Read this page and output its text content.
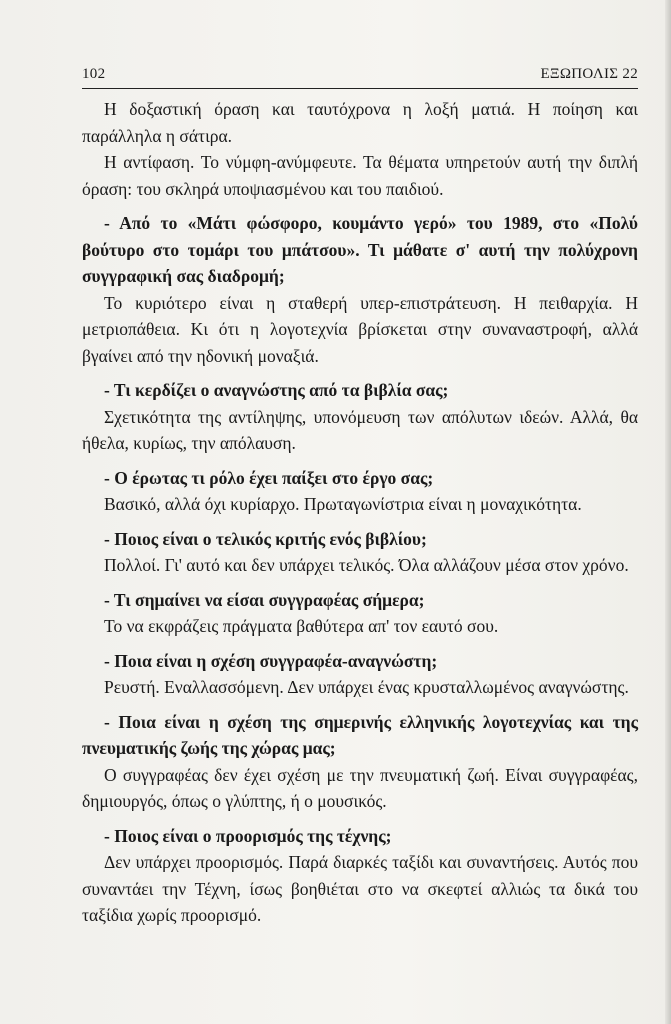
102	ΕΞΩΠΟΛΙΣ 22

Η δοξαστική όραση και ταυτόχρονα η λοξή ματιά. Η ποίηση και παράλληλα η σάτιρα.

Η αντίφαση. Το νύμφη-ανύμφευτε. Τα θέματα υπηρετούν αυτή την διπλή όραση: του σκληρά υποψιασμένου και του παιδιού.

- Από το «Μάτι φώσφορο, κουμάντο γερό» του 1989, στο «Πολύ βούτυρο στο τομάρι του μπάτσου». Τι μάθατε σ' αυτή την πολύχρονη συγγραφική σας διαδρομή;

Το κυριότερο είναι η σταθερή υπερ-επιστράτευση. Η πειθαρχία. Η μετριοπάθεια. Κι ότι η λογοτεχνία βρίσκεται στην συναναστροφή, αλλά βγαίνει από την ηδονική μοναξιά.

- Τι κερδίζει ο αναγνώστης από τα βιβλία σας;

Σχετικότητα της αντίληψης, υπονόμευση των απόλυτων ιδεών. Αλλά, θα ήθελα, κυρίως, την απόλαυση.

- Ο έρωτας τι ρόλο έχει παίξει στο έργο σας;

Βασικό, αλλά όχι κυρίαρχο. Πρωταγωνίστρια είναι η μοναχικότητα.

- Ποιος είναι ο τελικός κριτής ενός βιβλίου;

Πολλοί. Γι' αυτό και δεν υπάρχει τελικός. Όλα αλλάζουν μέσα στον χρόνο.

- Τι σημαίνει να είσαι συγγραφέας σήμερα;

Το να εκφράζεις πράγματα βαθύτερα απ' τον εαυτό σου.

- Ποια είναι η σχέση συγγραφέα-αναγνώστη;

Ρευστή. Εναλλασσόμενη. Δεν υπάρχει ένας κρυσταλλωμένος αναγνώστης.

- Ποια είναι η σχέση της σημερινής ελληνικής λογοτεχνίας και της πνευματικής ζωής της χώρας μας;

Ο συγγραφέας δεν έχει σχέση με την πνευματική ζωή. Είναι συγγραφέας, δημιουργός, όπως ο γλύπτης, ή ο μουσικός.

- Ποιος είναι ο προορισμός της τέχνης;

Δεν υπάρχει προορισμός. Παρά διαρκές ταξίδι και συναντήσεις. Αυτός που συναντάει την Τέχνη, ίσως βοηθιέται στο να σκεφτεί αλλιώς τα δικά του ταξίδια χωρίς προορισμό.
